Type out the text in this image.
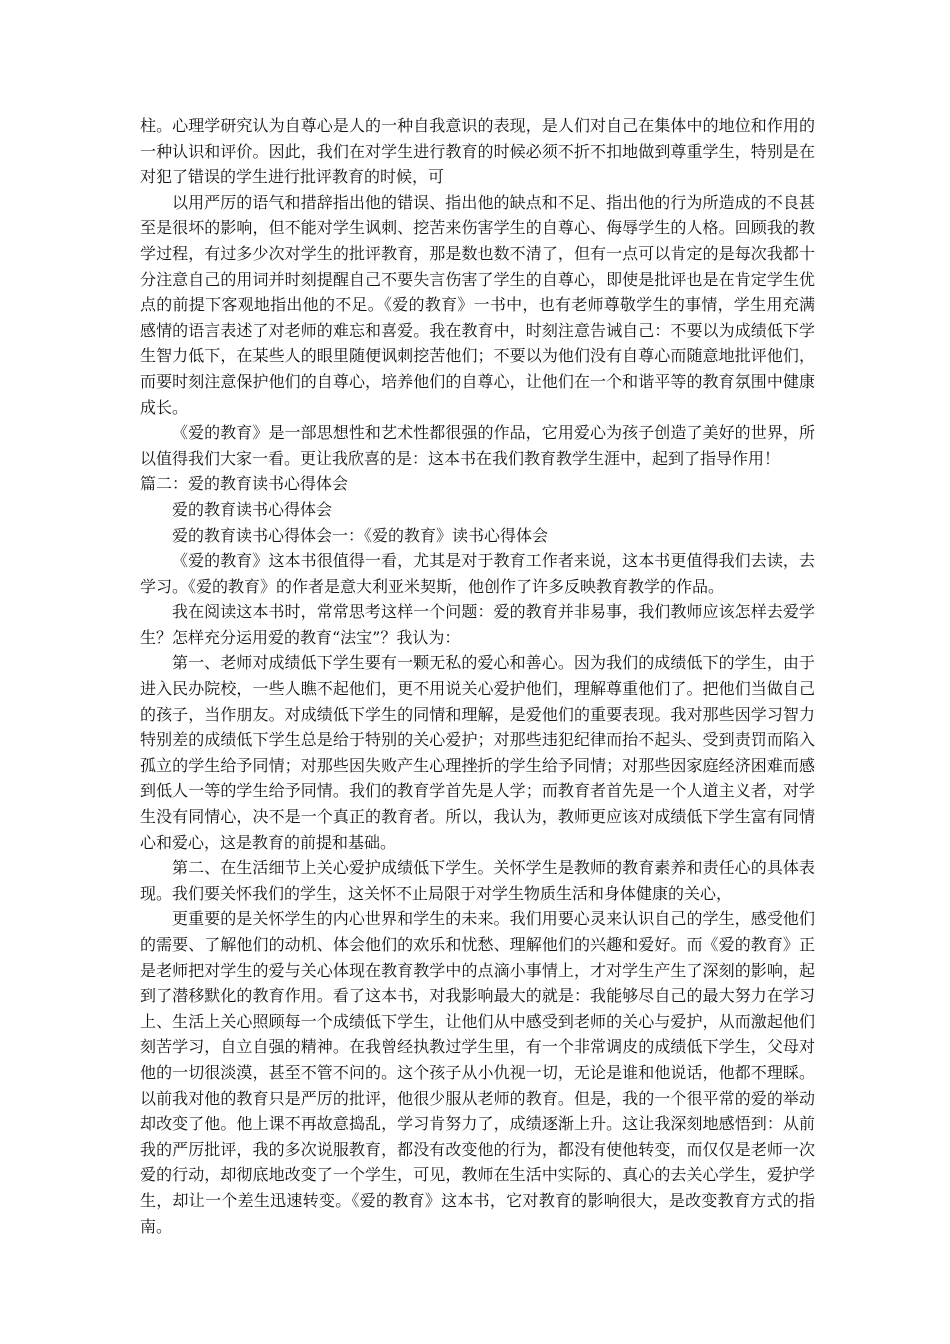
柱。心理学研究认为自尊心是人的一种自我意识的表现，是人们对自己在集体中的地位和作用的一种认识和评价。因此，我们在对学生进行教育的时候必须不折不扣地做到尊重学生，特别是在对犯了错误的学生进行批评教育的时候，可

以用严厉的语气和措辞指出他的错误、指出他的缺点和不足、指出他的行为所造成的不良甚至是很坏的影响，但不能对学生讽刺、挖苦来伤害学生的自尊心、侮辱学生的人格。回顾我的教学过程，有过多少次对学生的批评教育，那是数也数不清了，但有一点可以肯定的是每次我都十分注意自己的用词并时刻提醒自己不要失言伤害了学生的自尊心，即使是批评也是在肯定学生优点的前提下客观地指出他的不足。《爱的教育》一书中，也有老师尊敬学生的事情，学生用充满感情的语言表述了对老师的难忘和喜爱。我在教育中，时刻注意告诫自己：不要以为成绩低下学生智力低下，在某些人的眼里随便讽刺挖苦他们；不要以为他们没有自尊心而随意地批评他们，而要时刻注意保护他们的自尊心，培养他们的自尊心，让他们在一个和谐平等的教育氛围中健康成长。

《爱的教育》是一部思想性和艺术性都很强的作品，它用爱心为孩子创造了美好的世界，所以值得我们大家一看。更让我欣喜的是：这本书在我们教育教学生涯中，起到了指导作用！

篇二：爱的教育读书心得体会

爱的教育读书心得体会

爱的教育读书心得体会一：《爱的教育》读书心得体会

《爱的教育》这本书很值得一看，尤其是对于教育工作者来说，这本书更值得我们去读，去学习。《爱的教育》的作者是意大利亚米契斯，他创作了许多反映教育教学的作品。

我在阅读这本书时，常常思考这样一个问题：爱的教育并非易事，我们教师应该怎样去爱学生？怎样充分运用爱的教育“法宝”？我认为：

第一、老师对成绩低下学生要有一颗无私的爱心和善心。因为我们的成绩低下的学生，由于进入民办院校，一些人瞧不起他们，更不用说关心爱护他们，理解尊重他们了。把他们当做自己的孩子，当作朋友。对成绩低下学生的同情和理解，是爱他们的重要表现。我对那些因学习智力特别差的成绩低下学生总是给于特别的关心爱护；对那些违犯纪律而抬不起头、受到责罚而陷入孤立的学生给予同情；对那些因失败产生心理挫折的学生给予同情；对那些因家庭经济困难而感到低人一等的学生给予同情。我们的教育学首先是人学；而教育者首先是一个人道主义者，对学生没有同情心，决不是一个真正的教育者。所以，我认为，教师更应该对成绩低下学生富有同情心和爱心，这是教育的前提和基础。

第二、在生活细节上关心爱护成绩低下学生。关怀学生是教师的教育素养和责任心的具体表现。我们要关怀我们的学生，这关怀不止局限于对学生物质生活和身体健康的关心，

更重要的是关怀学生的内心世界和学生的未来。我们用要心灵来认识自己的学生，感受他们的需要、了解他们的动机、体会他们的欢乐和忧愁、理解他们的兴趣和爱好。而《爱的教育》正是老师把对学生的爱与关心体现在教育教学中的点滴小事情上，才对学生产生了深刻的影响，起到了潜移默化的教育作用。看了这本书，对我影响最大的就是：我能够尽自己的最大努力在学习上、生活上关心照顾每一个成绩低下学生，让他们从中感受到老师的关心与爱护，从而激起他们刻苦学习，自立自强的精神。在我曾经执教过学生里，有一个非常调皮的成绩低下学生，父母对他的一切很淡漠，甚至不管不问的。这个孩子从小仇视一切，无论是谁和他说话，他都不理睬。以前我对他的教育只是严厉的批评，他很少服从老师的教育。但是，我的一个很平常的爱的举动却改变了他。他上课不再故意捣乱，学习肯努力了，成绩逐渐上升。这让我深刻地感悟到：从前我的严厉批评，我的多次说服教育，都没有改变他的行为，都没有使他转变，而仅仅是老师一次爱的行动，却彻底地改变了一个学生，可见，教师在生活中实际的、真心的去关心学生，爱护学生，却让一个差生迅速转变。《爱的教育》这本书，它对教育的影响很大，是改变教育方式的指南。
